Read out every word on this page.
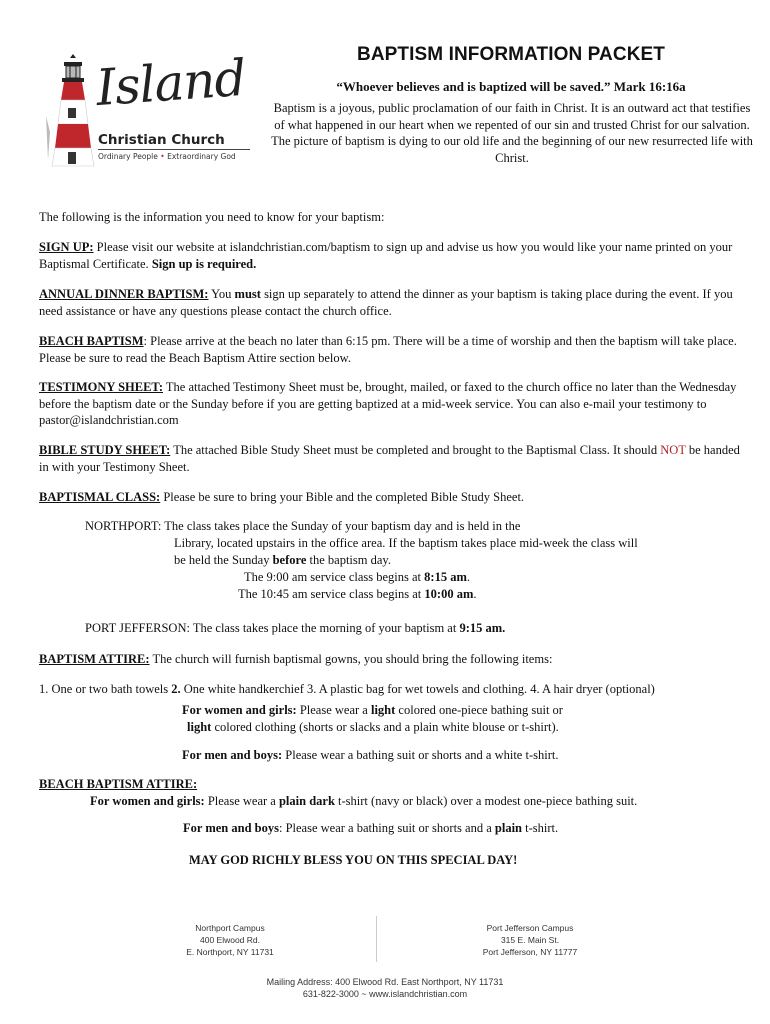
Island
Christian Church
Ordinary People • Extraordinary God
BAPTISM INFORMATION PACKET
“Whoever believes and is baptized will be saved.” Mark 16:16a
Baptism is a joyous, public proclamation of our faith in Christ. It is an outward act that testifies of what happened in our heart when we repented of our sin and trusted Christ for our salvation. The picture of baptism is dying to our old life and the beginning of our new resurrected life with Christ.
The following is the information you need to know for your baptism:
SIGN UP: Please visit our website at islandchristian.com/baptism to sign up and advise us how you would like your name printed on your Baptismal Certificate. Sign up is required.
ANNUAL DINNER BAPTISM: You must sign up separately to attend the dinner as your baptism is taking place during the event. If you need assistance or have any questions please contact the church office.
BEACH BAPTISM: Please arrive at the beach no later than 6:15 pm. There will be a time of worship and then the baptism will take place. Please be sure to read the Beach Baptism Attire section below.
TESTIMONY SHEET: The attached Testimony Sheet must be, brought, mailed, or faxed to the church office no later than the Wednesday before the baptism date or the Sunday before if you are getting baptized at a mid-week service. You can also e-mail your testimony to pastor@islandchristian.com
BIBLE STUDY SHEET: The attached Bible Study Sheet must be completed and brought to the Baptismal Class. It should NOT be handed in with your Testimony Sheet.
BAPTISMAL CLASS: Please be sure to bring your Bible and the completed Bible Study Sheet.
NORTHPORT: The class takes place the Sunday of your baptism day and is held in the
Library, located upstairs in the office area. If the baptism takes place mid-week the class will
be held the Sunday before the baptism day.
The 9:00 am service class begins at 8:15 am.
The 10:45 am service class begins at 10:00 am.
PORT JEFFERSON: The class takes place the morning of your baptism at 9:15 am.
BAPTISM ATTIRE: The church will furnish baptismal gowns, you should bring the following items:
1. One or two bath towels 2. One white handkerchief 3. A plastic bag for wet towels and clothing. 4. A hair dryer (optional)
For women and girls: Please wear a light colored one-piece bathing suit or
light colored clothing (shorts or slacks and a plain white blouse or t-shirt).
For men and boys: Please wear a bathing suit or shorts and a white t-shirt.
BEACH BAPTISM ATTIRE:
For women and girls: Please wear a plain dark t-shirt (navy or black) over a modest one-piece bathing suit.
For men and boys: Please wear a bathing suit or shorts and a plain t-shirt.
MAY GOD RICHLY BLESS YOU ON THIS SPECIAL DAY!
Northport Campus
400 Elwood Rd.
E. Northport, NY 11731
Port Jefferson Campus
315 E. Main St.
Port Jefferson, NY 11777
Mailing Address: 400 Elwood Rd. East Northport, NY 11731
631-822-3000 ~ www.islandchristian.com
